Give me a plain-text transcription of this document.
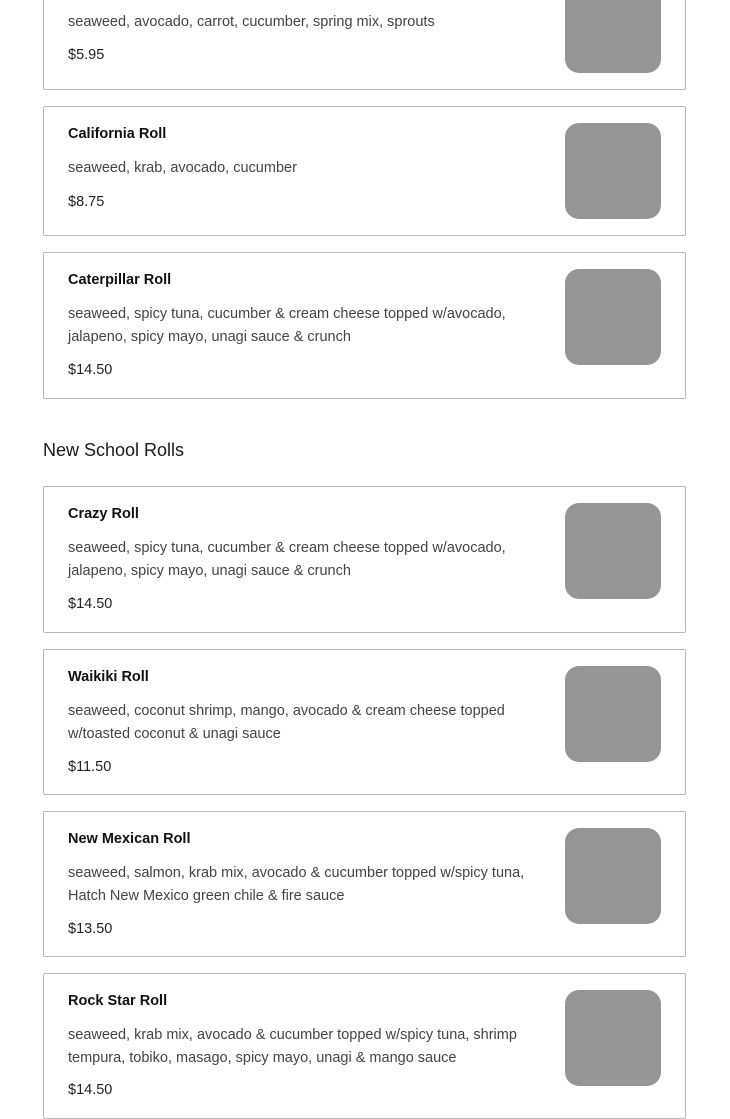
seaweed, avocado, carrot, cucumber, spring mix, sprouts
$5.95
California Roll
seaweed, krab, avocado, cucumber
$8.75
Caterpillar Roll
seaweed, spicy tuna, cucumber & cream cheese topped w/avocado, jalapeno, spicy mayo, unagi sauce & crunch
$14.50
New School Rolls
Crazy Roll
seaweed, spicy tuna, cucumber & cream cheese topped w/avocado, jalapeno, spicy mayo, unagi sauce & crunch
$14.50
Waikiki Roll
seaweed, coconut shrimp, mango, avocado & cream cheese topped w/toasted coconut & unagi sauce
$11.50
New Mexican Roll
seaweed, salmon, krab mix, avocado & cucumber topped w/spicy tuna, Hatch New Mexico green chile & fire sauce
$13.50
Rock Star Roll
seaweed, krab mix, avocado & cucumber topped w/spicy tuna, shrimp tempura, tobiko, masago, spicy mayo, unagi & mango sauce
$14.50
